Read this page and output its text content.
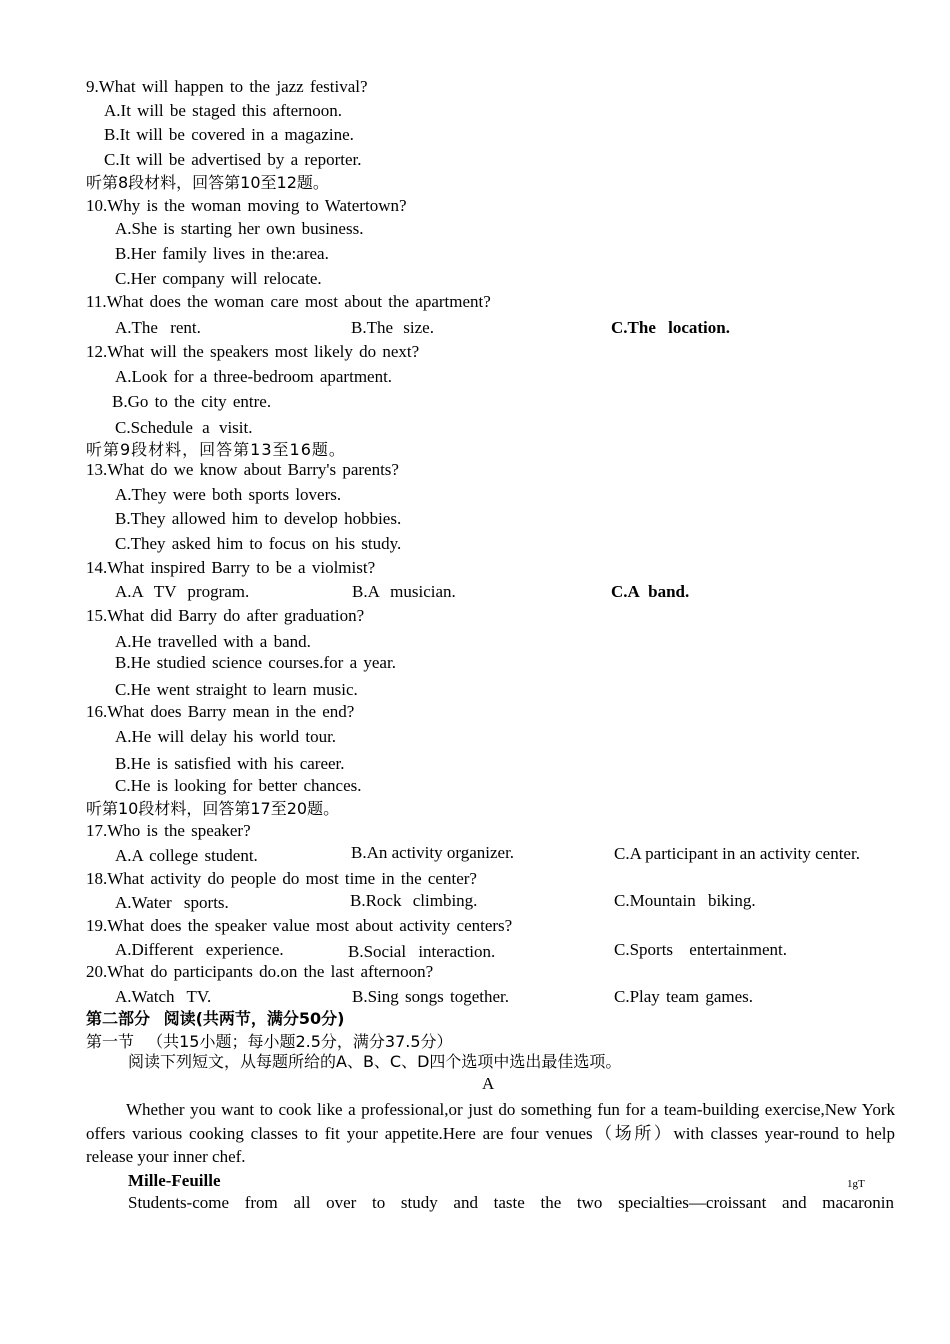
9.What will happen to the jazz festival?
A.It will be staged this afternoon.
B.It will be covered in a magazine.
C.It will be advertised by a reporter.
听第8段材料，回答第10至12题。
10.Why is the woman moving to Watertown?
A.She is starting her own business.
B.Her family lives in the:area.
C.Her company will relocate.
11.What does the woman care most about the apartment?
A.The rent.	B.The size.	C.The location.
12.What will the speakers most likely do next?
A.Look for a three-bedroom apartment.
B.Go to the city entre.
C.Schedule a visit.
听第9段材料，回答第13至16题。
13.What do we know about Barry's parents?
A.They were both sports lovers.
B.They allowed him to develop hobbies.
C.They asked him to focus on his study.
14.What inspired Barry to be a violmist?
A.A TV program.	B.A musician.	C.A band.
15.What did Barry do after graduation?
A.He travelled with a band.
B.He studied science courses.for a year.
C.He went straight to learn music.
16.What does Barry mean in the end?
A.He will delay his world tour.
B.He is satisfied with his career.
C.He is looking for better chances.
听第10段材料，回答第17至20题。
17.Who is the speaker?
A.A college student.	B.An activity organizer.	C.A participant in an activity center.
18.What activity do people do most time in the center?
A.Water sports.	B.Rock climbing.	C.Mountain biking.
19.What does the speaker value most about activity centers?
A.Different experience.	B.Social interaction.	C.Sports entertainment.
20.What do participants do.on the last afternoon?
A.Watch TV.	B.Sing songs together.	C.Play team games.
第二部分 阅读(共两节，满分50分)
第一节 （共15小题；每小题2.5分，满分37.5分）
阅读下列短文，从每题所给的A、B、C、D四个选项中选出最佳选项。
A
Whether you want to cook like a professional,or just do something fun for a team-building exercise,New York offers various cooking classes to fit your appetite.Here are four venues（场所）with classes year-round to help release your inner chef.
Mille-Feuille	1gT
Students-come from all over to study and taste the two specialties—croissant and macaronin
